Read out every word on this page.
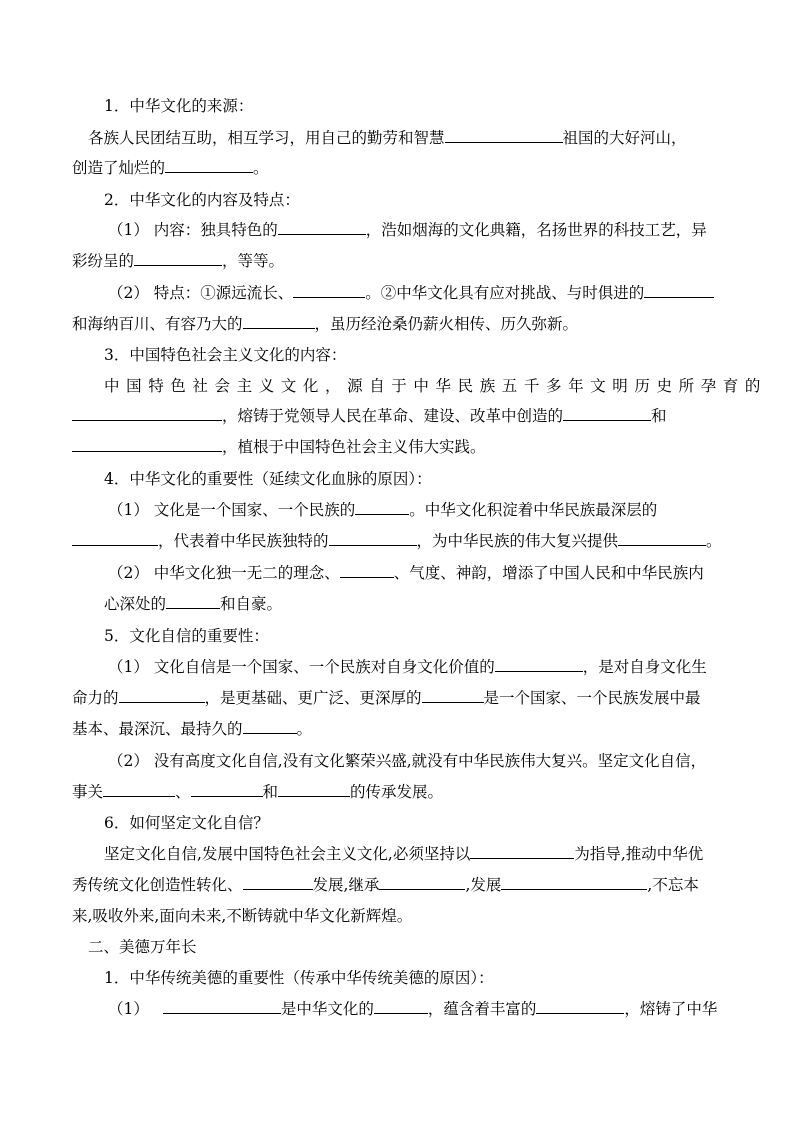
1．中华文化的来源：
各族人民团结互助，相互学习，用自己的勤劳和智慧	祖国的大好河山，
创造了灿烂的	。
2．中华文化的内容及特点：
（1） 内容：独具特色的	，浩如烟海的文化典籍，名扬世界的科技工艺，异
彩纷呈的	，等等。
（2） 特点：①源远流长、	。②中华文化具有应对挑战、与时俱进的
和海纳百川、有容乃大的	，虽历经沧桑仍薪火相传、历久弥新。
3．中国特色社会主义文化的内容：
中国特色社会主义文化，源自于中华民族五千多年文明历史所孕育的
，熔铸于党领导人民在革命、建设、改革中创造的	和
，植根于中国特色社会主义伟大实践。
4．中华文化的重要性（延续文化血脉的原因）：
（1） 文化是一个国家、一个民族的	。中华文化积淀着中华民族最深层的
，代表着中华民族独特的	，为中华民族的伟大复兴提供	。
（2） 中华文化独一无二的理念、	、气度、神韵，增添了中国人民和中华民族内
心深处的	和自豪。
5．文化自信的重要性：
（1） 文化自信是一个国家、一个民族对自身文化价值的	，是对自身文化生
命力的	，是更基础、更广泛、更深厚的	是一个国家、一个民族发展中最
基本、最深沉、最持久的	。
（2） 没有高度文化自信,没有文化繁荣兴盛,就没有中华民族伟大复兴。坚定文化自信，
事关	、	和	的传承发展。
6．如何坚定文化自信？
坚定文化自信,发展中国特色社会主义文化,必须坚持以	为指导,推动中华优
秀传统文化创造性转化、	发展,继承	,发展	,不忘本
来,吸收外来,面向未来,不断铸就中华文化新辉煌。
二、美德万年长
1．中华传统美德的重要性（传承中华传统美德的原因）：
（1）	是中华文化的	，蕴含着丰富的	，熔铸了中华
